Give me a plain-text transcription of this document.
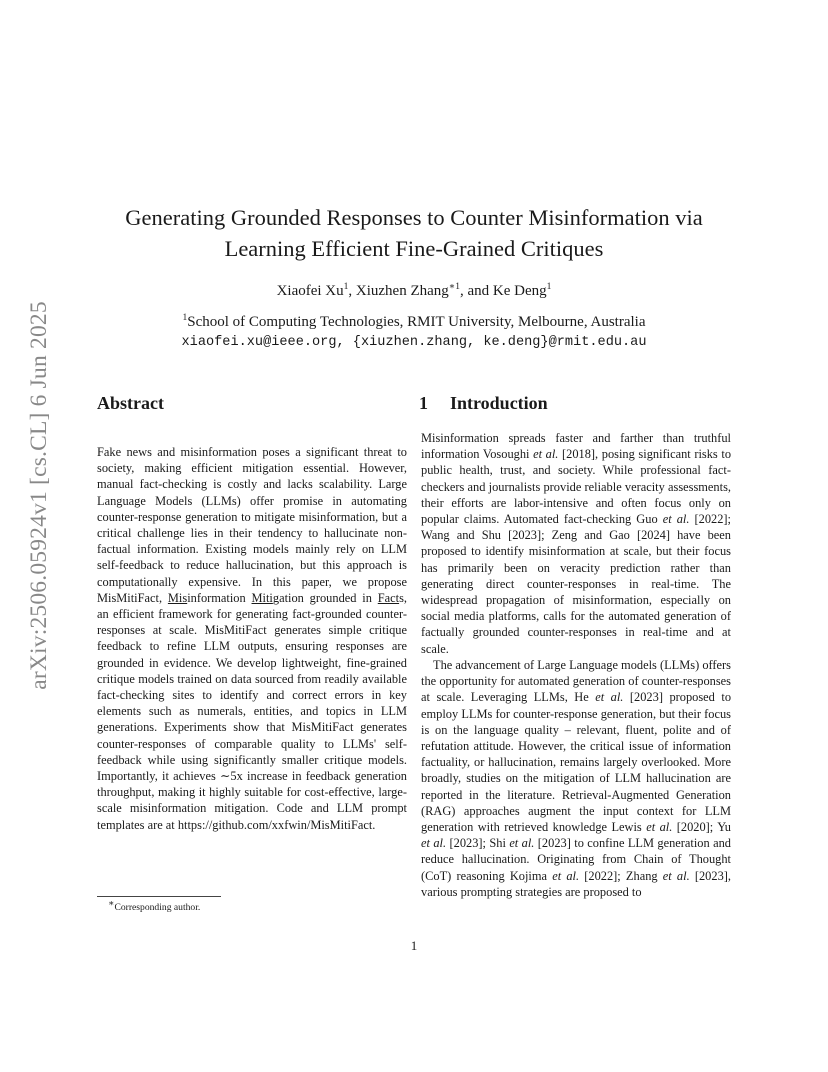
arXiv:2506.05924v1 [cs.CL] 6 Jun 2025
Generating Grounded Responses to Counter Misinformation via
Learning Efficient Fine-Grained Critiques
Xiaofei Xu$^1$, Xiuzhen Zhang$^{∗1}$, and Ke Deng$^1$
$^1$School of Computing Technologies, RMIT University, Melbourne, Australia
xiaofei.xu@ieee.org, {xiuzhen.zhang, ke.deng}@rmit.edu.au
Abstract
Fake news and misinformation poses a significant threat to society, making efficient mitigation essential. However, manual fact-checking is costly and lacks scalability. Large Language Models (LLMs) offer promise in automating counter-response generation to mitigate misinformation, but a critical challenge lies in their tendency to hallucinate non-factual information. Existing models mainly rely on LLM self-feedback to reduce hallucination, but this approach is computationally expensive. In this paper, we propose MisMitiFact, Misinformation Mitigation grounded in Facts, an efficient framework for generating fact-grounded counter-responses at scale. MisMitiFact generates simple critique feedback to refine LLM outputs, ensuring responses are grounded in evidence. We develop lightweight, fine-grained critique models trained on data sourced from readily available fact-checking sites to identify and correct errors in key elements such as numerals, entities, and topics in LLM generations. Experiments show that MisMitiFact generates counter-responses of comparable quality to LLMs' self-feedback while using significantly smaller critique models. Importantly, it achieves ∼5x increase in feedback generation throughput, making it highly suitable for cost-effective, large-scale misinformation mitigation. Code and LLM prompt templates are at https://github.com/xxfwin/MisMitiFact.
1 Introduction
Misinformation spreads faster and farther than truthful information Vosoughi et al. [2018], posing significant risks to public health, trust, and society. While professional fact-checkers and journalists provide reliable veracity assessments, their efforts are labor-intensive and often focus only on popular claims. Automated fact-checking Guo et al. [2022]; Wang and Shu [2023]; Zeng and Gao [2024] have been proposed to identify misinformation at scale, but their focus has primarily been on veracity prediction rather than generating direct counter-responses in real-time. The widespread propagation of misinformation, especially on social media platforms, calls for the automated generation of factually grounded counter-responses in real-time and at scale.
The advancement of Large Language models (LLMs) offers the opportunity for automated generation of counter-responses at scale. Leveraging LLMs, He et al. [2023] proposed to employ LLMs for counter-response generation, but their focus is on the language quality – relevant, fluent, polite and of refutation attitude. However, the critical issue of information factuality, or hallucination, remains largely overlooked. More broadly, studies on the mitigation of LLM hallucination are reported in the literature. Retrieval-Augmented Generation (RAG) approaches augment the input context for LLM generation with retrieved knowledge Lewis et al. [2020]; Yu et al. [2023]; Shi et al. [2023] to confine LLM generation and reduce hallucination. Originating from Chain of Thought (CoT) reasoning Kojima et al. [2022]; Zhang et al. [2023], various prompting strategies are proposed to
∗Corresponding author.
1
